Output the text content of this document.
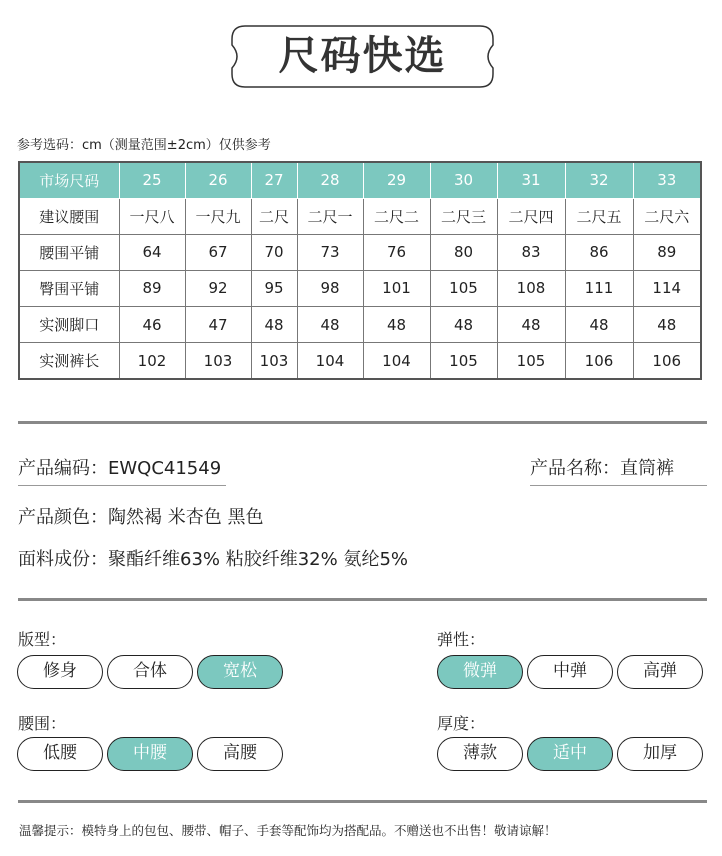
尺码快选
参考选码：cm（测量范围±2cm）仅供参考
市场尺码	25	26	27	28	29	30	31	32	33
建议腰围	一尺八	一尺九	二尺	二尺一	二尺二	二尺三	二尺四	二尺五	二尺六
腰围平铺	64	67	70	73	76	80	83	86	89
臀围平铺	89	92	95	98	101	105	108	111	114
实测脚口	46	47	48	48	48	48	48	48	48
实测裤长	102	103	103	104	104	105	105	106	106
产品编码：EWQC41549	产品名称：直筒裤
产品颜色：陶然褐 米杏色 黑色
面料成份：聚酯纤维63% 粘胶纤维32% 氨纶5%
版型：
修身	合体	宽松
弹性：
微弹	中弹	高弹
腰围：
低腰	中腰	高腰
厚度：
薄款	适中	加厚
温馨提示：模特身上的包包、腰带、帽子、手套等配饰均为搭配品。不赠送也不出售！敬请谅解！
